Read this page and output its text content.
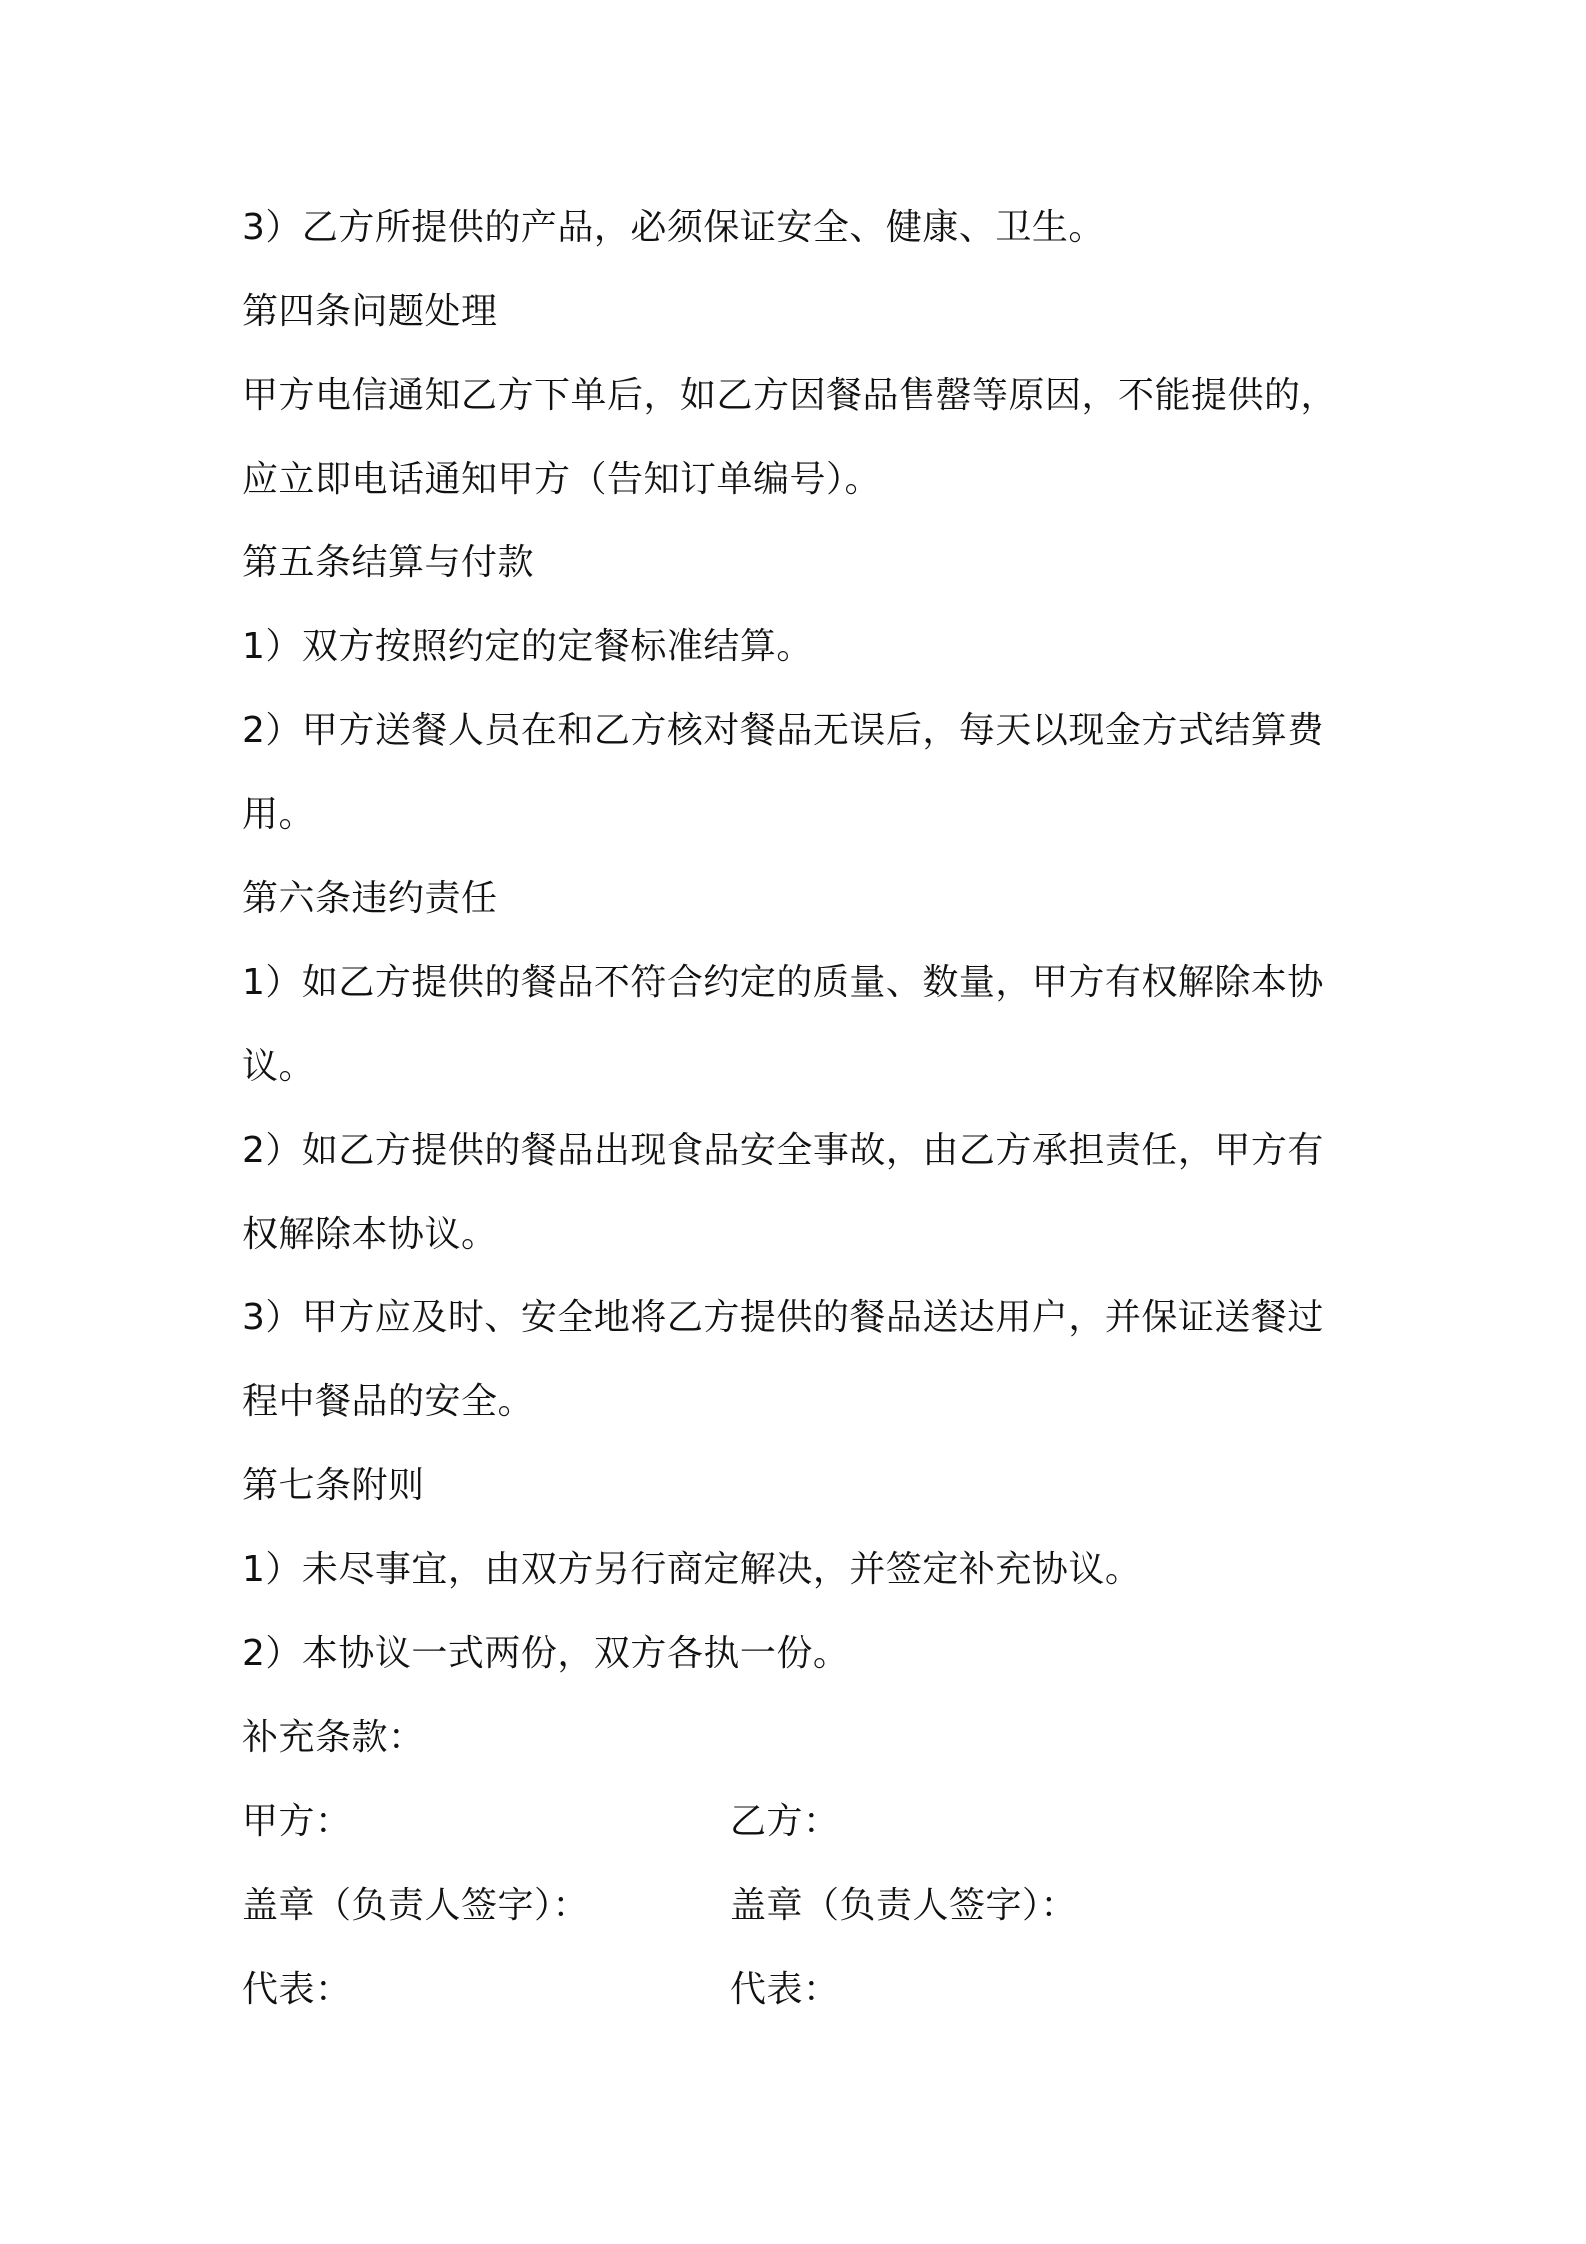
3）乙方所提供的产品，必须保证安全、健康、卫生。
第四条问题处理
甲方电信通知乙方下单后，如乙方因餐品售罄等原因，不能提供的，
应立即电话通知甲方（告知订单编号）。
第五条结算与付款
1）双方按照约定的定餐标准结算。
2）甲方送餐人员在和乙方核对餐品无误后，每天以现金方式结算费
用。
第六条违约责任
1）如乙方提供的餐品不符合约定的质量、数量，甲方有权解除本协
议。
2）如乙方提供的餐品出现食品安全事故，由乙方承担责任，甲方有
权解除本协议。
3）甲方应及时、安全地将乙方提供的餐品送达用户，并保证送餐过
程中餐品的安全。
第七条附则
1）未尽事宜，由双方另行商定解决，并签定补充协议。
2）本协议一式两份，双方各执一份。
补充条款：
甲方：	乙方：
盖章（负责人签字）：	盖章（负责人签字）：
代表：	代表：
